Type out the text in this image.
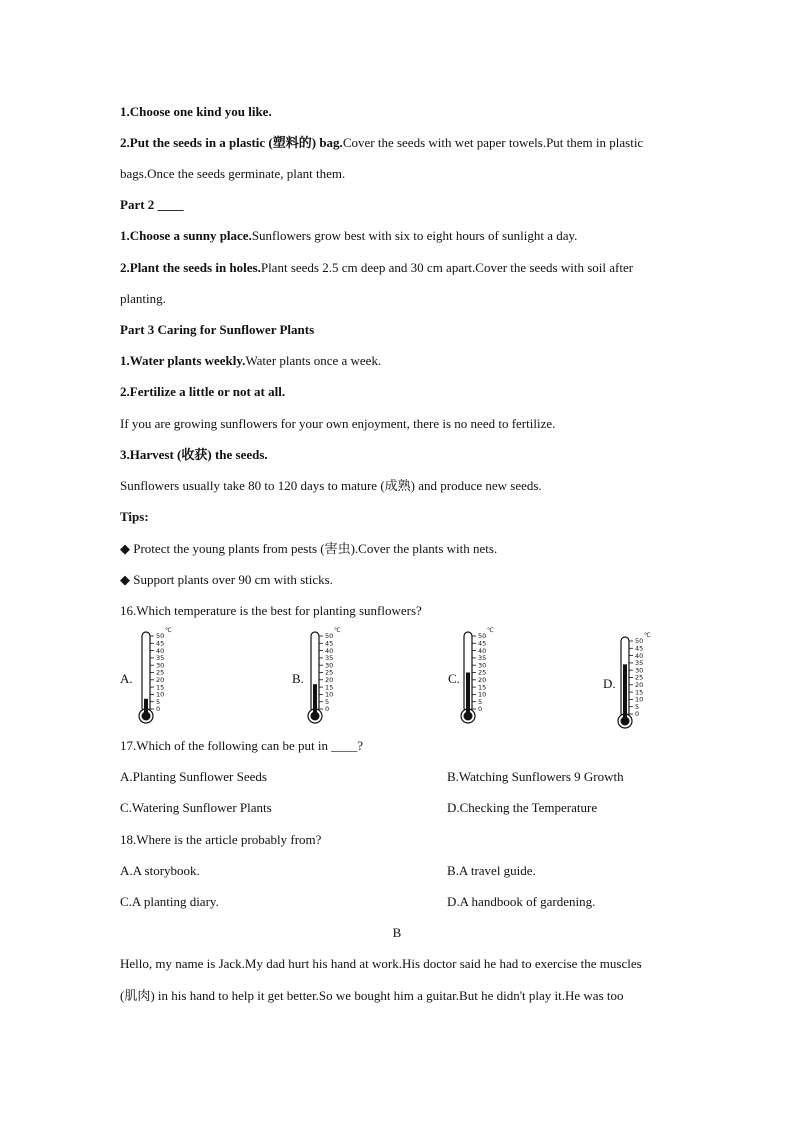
1.Choose one kind you like.
2.Put the seeds in a plastic (塑料的) bag.Cover the seeds with wet paper towels.Put them in plastic
bags.Once the seeds germinate, plant them.
Part 2 ____
1.Choose a sunny place.Sunflowers grow best with six to eight hours of sunlight a day.
2.Plant the seeds in holes.Plant seeds 2.5 cm deep and 30 cm apart.Cover the seeds with soil after
planting.
Part 3 Caring for Sunflower Plants
1.Water plants weekly.Water plants once a week.
2.Fertilize a little or not at all.
If you are growing sunflowers for your own enjoyment, there is no need to fertilize.
3.Harvest (收获) the seeds.
Sunflowers usually take 80 to 120 days to mature (成熟) and produce new seeds.
Tips:
◆ Protect the young plants from pests (害虫).Cover the plants with nets.
◆ Support plants over 90 cm with sticks.
16.Which temperature is the best for planting sunflowers?
A.
50
45
40
35
30
25
20
15
10
5
0
℃
B.
50
45
40
35
30
25
20
15
10
5
0
℃
C.
50
45
40
35
30
25
20
15
10
5
0
℃
D.
50
45
40
35
30
25
20
15
10
5
0
℃
17.Which of the following can be put in ____?
A.Planting Sunflower Seeds	B.Watching Sunflowers 9 Growth
C.Watering Sunflower Plants	D.Checking the Temperature
18.Where is the article probably from?
A.A storybook.	B.A travel guide.
C.A planting diary.	D.A handbook of gardening.
B
Hello, my name is Jack.My dad hurt his hand at work.His doctor said he had to exercise the muscles
(肌肉) in his hand to help it get better.So we bought him a guitar.But he didn't play it.He was too
